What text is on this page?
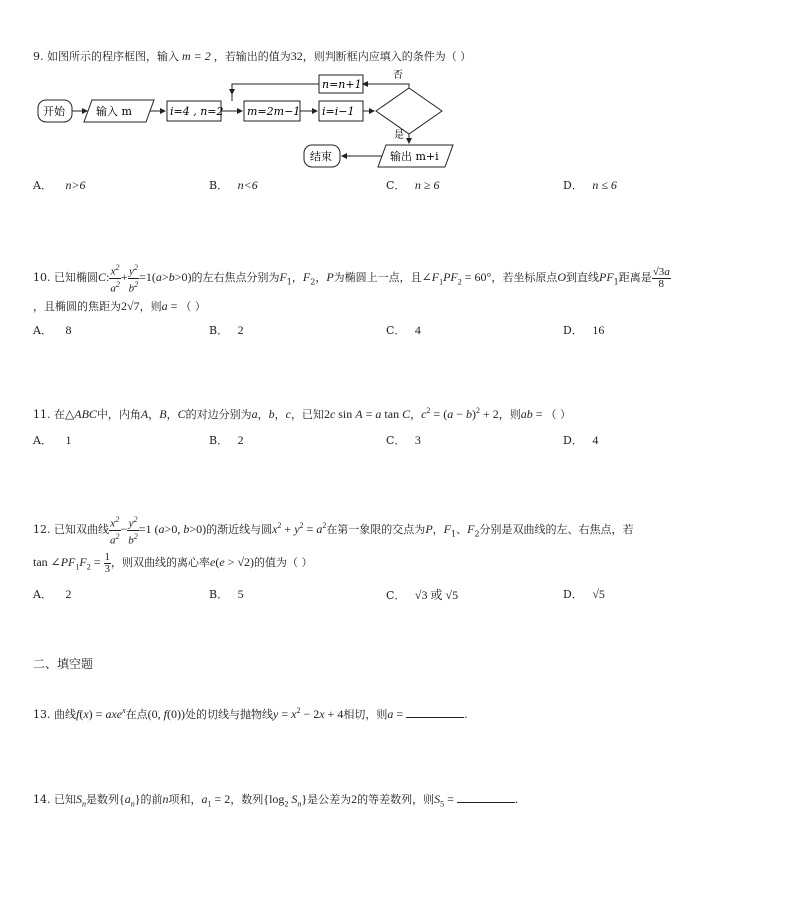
9. 如图所示的程序框图，输入 m = 2 ，若输出的值为32，则判断框内应填入的条件为（ ）
开始	输入 m	i=4 , n=2 m=2m−1 i=i−1
n=n+1
否
是
输出 m+i
结束
A． n>6	B． n<6	C． n ≥ 6	D． n ≤ 6
10. 已知椭圆C: $\frac{x^2}{a^2} + \frac{y^2}{b^2} =1(a>b>0)$的左右焦点分别为$F_1$，$F_2$，P为椭圆上一点，且$\angle F_1PF_2 = 60^\circ$，若坐标原点O到直线$PF_1$距离是 $\frac{√3a}{8}$
，且椭圆的焦距为2√7，则a = （ ）
A． 8	B． 2	C． 4	D． 16
11. 在△ABC中，内角A，B，C的对边分别为a，b，c，已知2c sin A = a tan C，$c^2 = (a - b)^2 + 2$，则ab = （ ）
A． 1	B． 2	C． 3	D． 4
12. 已知双曲线 $\frac{x^2}{a^2} - \frac{y^2}{b^2} =1$ (a>0, b>0)的渐近线与圆$x^2 + y^2 = a^2$在第一象限的交点为P，$F_1$、$F_2$分别是双曲线的左、右焦点，若
$\tan \angle PF_1F_2 = \frac{1}{3}$ ，则双曲线的离心率e(e > √2)的值为（ ）
A． 2	B． 5	C． √3 或 √5	D． √5
二、填空题
13. 曲线f(x) = axe$^x$在点(0, f(0))处的切线与抛物线$y = x^2 - 2x + 4$相切，则a =	.
14. 已知$S_n$是数列$\{a_n\}$的前n项和，$a_1 = 2$，数列{$\log_2$ $S_n$}是公差为2的等差数列，则$S_5$ =	.
